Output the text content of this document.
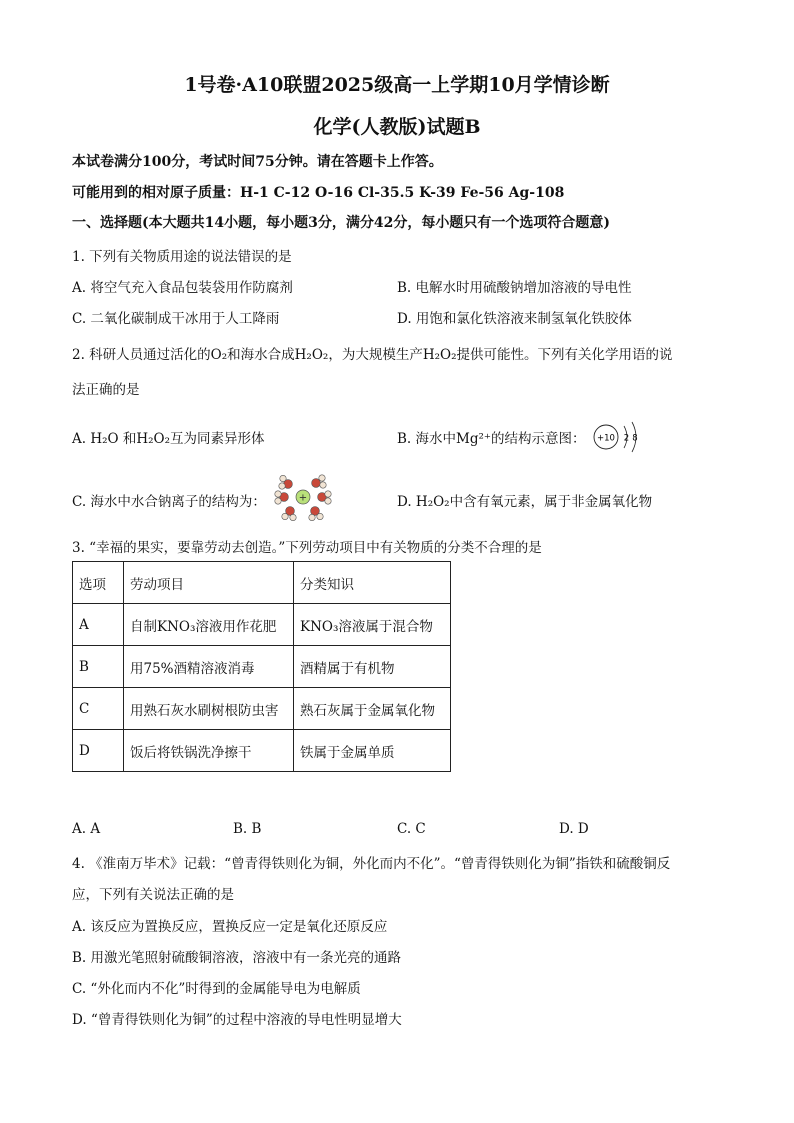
1号卷·A10联盟2025级高一上学期10月学情诊断
化学(人教版)试题B
本试卷满分100分，考试时间75分钟。请在答题卡上作答。
可能用到的相对原子质量：H-1 C-12 O-16 Cl-35.5 K-39 Fe-56 Ag-108
一、选择题(本大题共14小题，每小题3分，满分42分，每小题只有一个选项符合题意)
1. 下列有关物质用途的说法错误的是
A. 将空气充入食品包装袋用作防腐剂	B. 电解水时用硫酸钠增加溶液的导电性
C. 二氧化碳制成干冰用于人工降雨	D. 用饱和氯化铁溶液来制氢氧化铁胶体
2. 科研人员通过活化的O₂和海水合成H₂O₂，为大规模生产H₂O₂提供可能性。下列有关化学用语的说
法正确的是
A. H₂O 和H₂O₂互为同素异形体	B. 海水中Mg²⁺的结构示意图： +10 2 8
C. 海水中水合钠离子的结构为：	+	D. H₂O₂中含有氧元素，属于非金属氧化物
3. “幸福的果实，要靠劳动去创造。”下列劳动项目中有关物质的分类不合理的是
选项	劳动项目	分类知识
A	自制KNO₃溶液用作花肥	KNO₃溶液属于混合物
B	用75%酒精溶液消毒	酒精属于有机物
C	用熟石灰水刷树根防虫害	熟石灰属于金属氧化物
D	饭后将铁锅洗净擦干	铁属于金属单质
A. A	B. B	C. C	D. D
4. 《淮南万毕术》记载：“曾青得铁则化为铜，外化而内不化”。“曾青得铁则化为铜”指铁和硫酸铜反
应，下列有关说法正确的是
A. 该反应为置换反应，置换反应一定是氧化还原反应
B. 用激光笔照射硫酸铜溶液，溶液中有一条光亮的通路
C. “外化而内不化”时得到的金属能导电为电解质
D. “曾青得铁则化为铜”的过程中溶液的导电性明显增大
